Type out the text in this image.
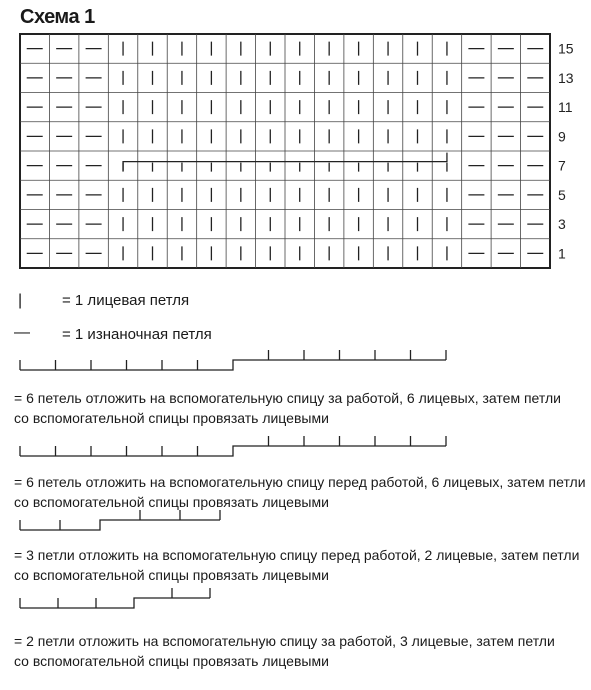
Схема 1
15
13
11
9
7
5
3
1
|	= 1 лицевая петля
— = 1 изнаночная петля
= 6 петель отложить на вспомогательную спицу за работой, 6 лицевых, затем петли
со вспомогательной спицы провязать лицевыми
= 6 петель отложить на вспомогательную спицу перед работой, 6 лицевых, затем петли
со вспомогательной спицы провязать лицевыми
= 3 петли отложить на вспомогательную спицу перед работой, 2 лицевые, затем петли
со вспомогательной спицы провязать лицевыми
= 2 петли отложить на вспомогательную спицу за работой, 3 лицевые, затем петли
со вспомогательной спицы провязать лицевыми
